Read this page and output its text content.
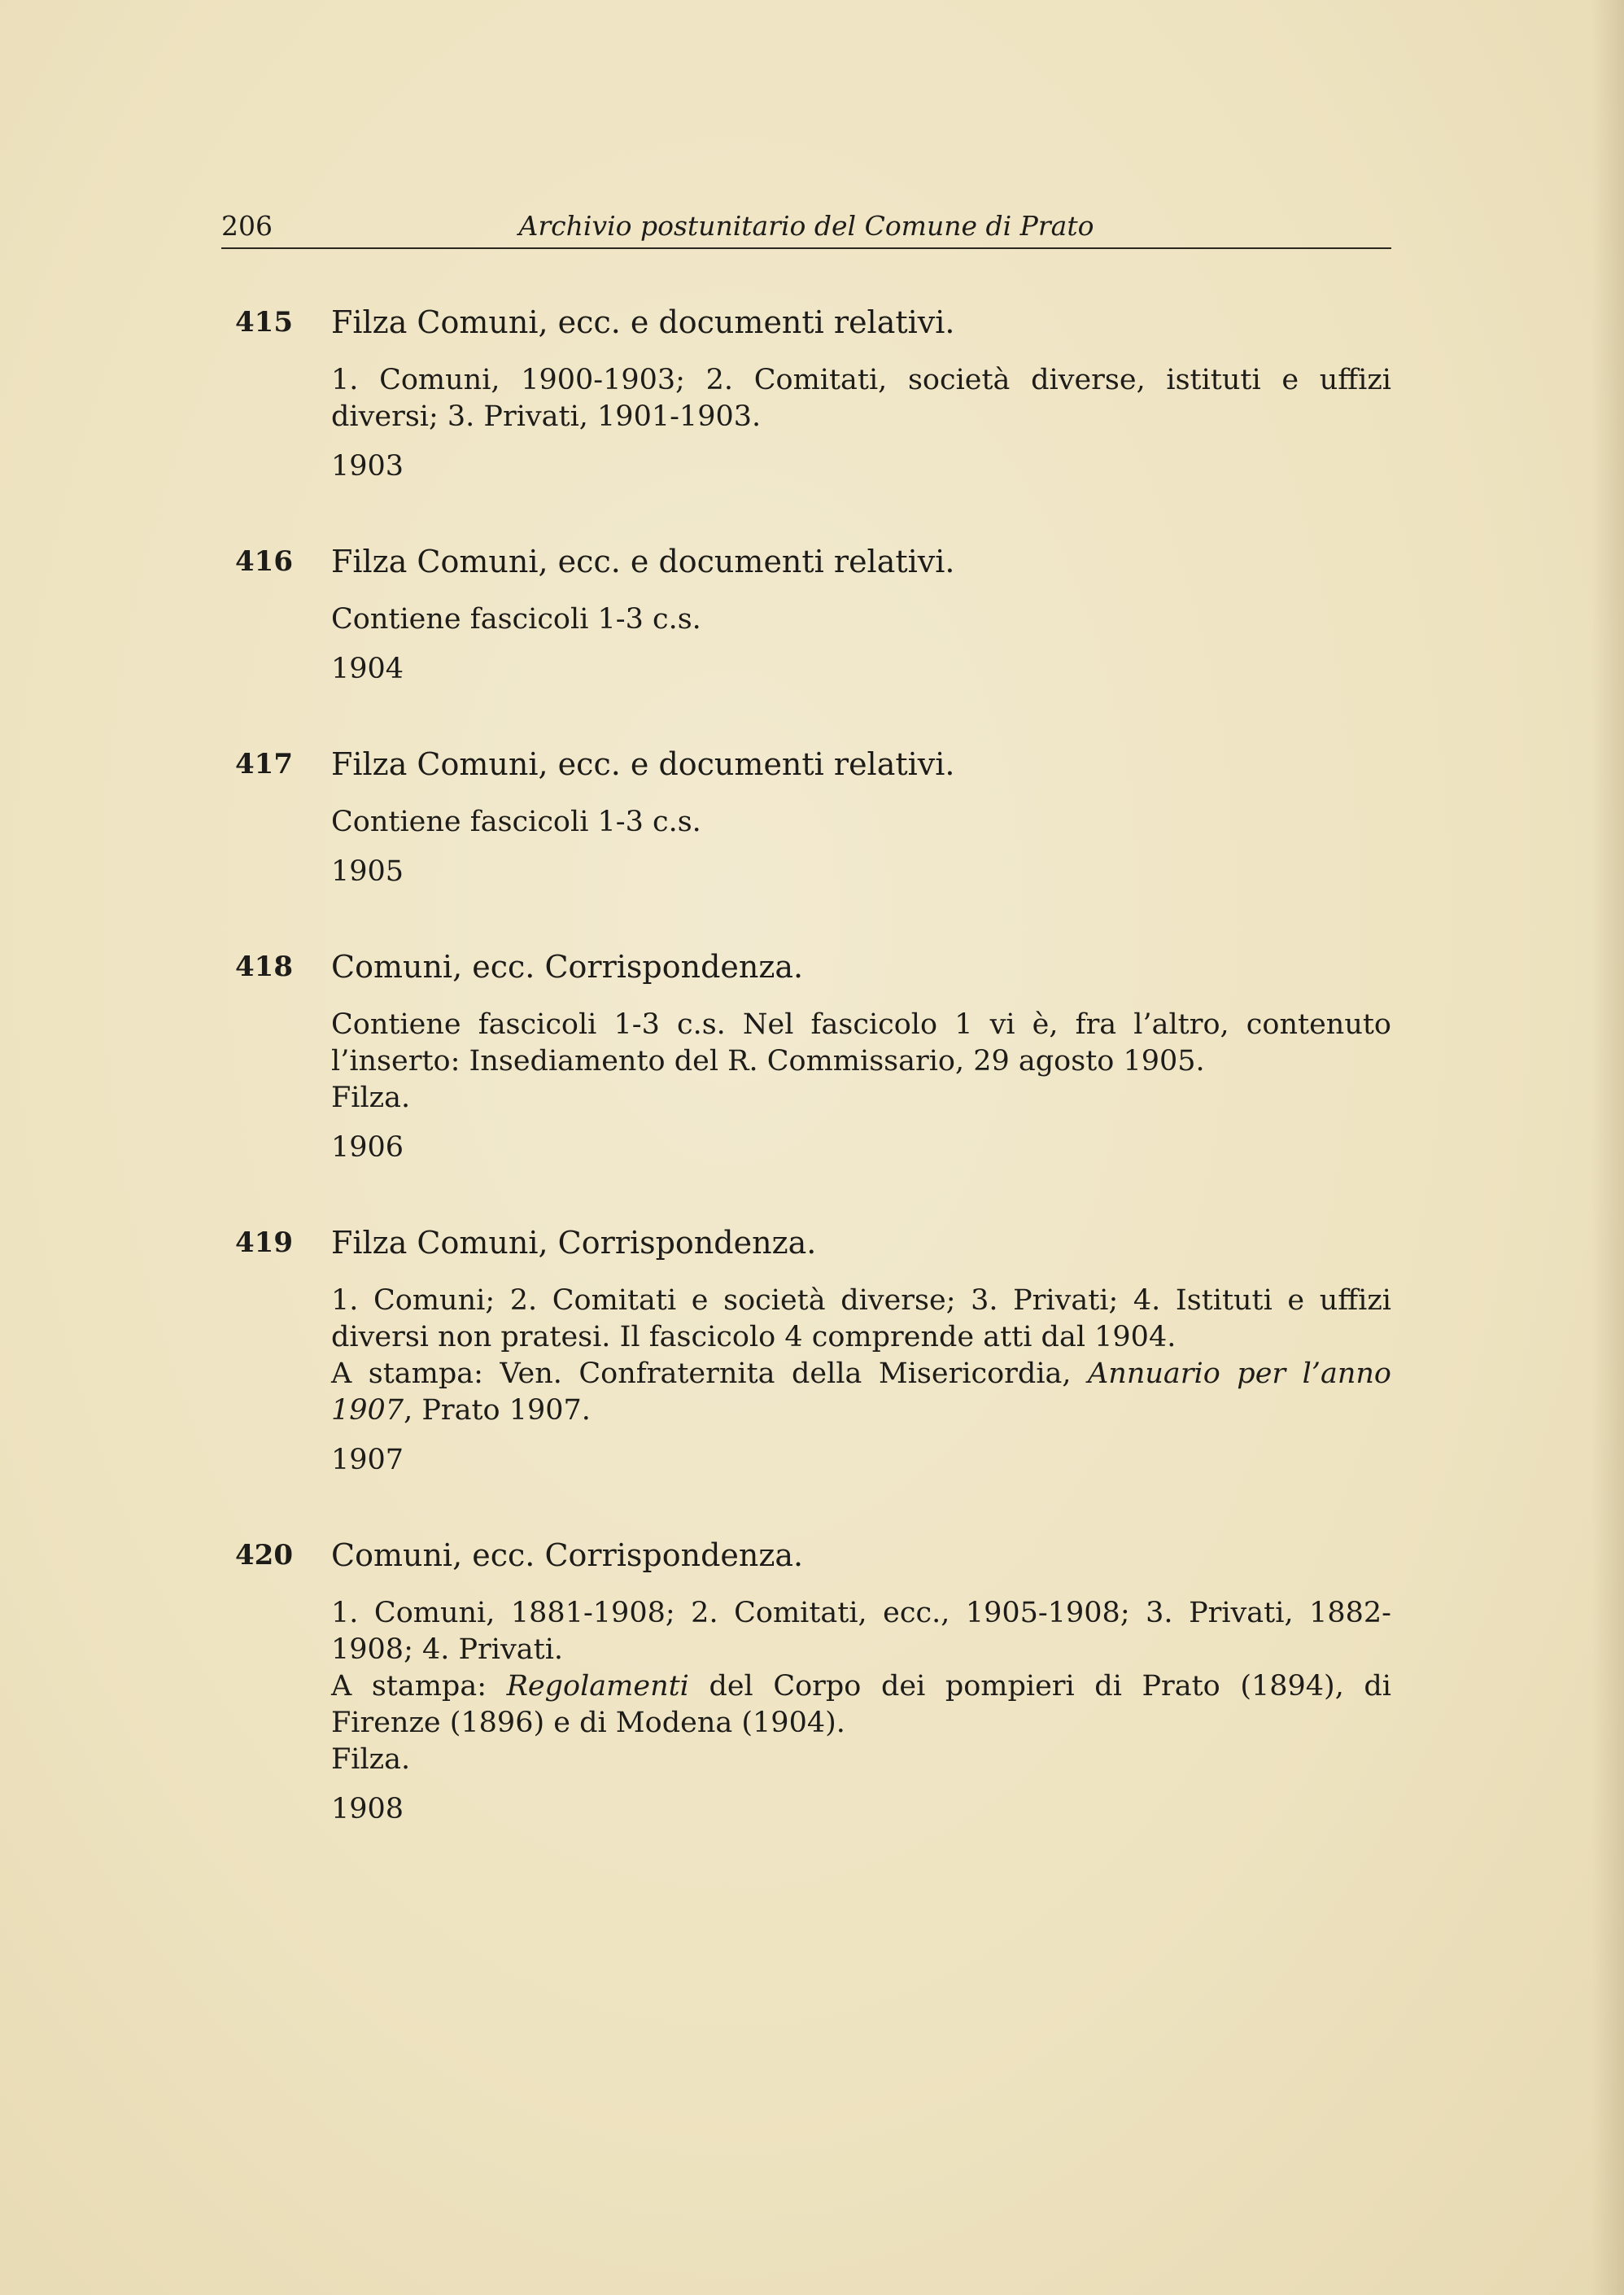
206	Archivio postunitario del Comune di Prato
415 Filza Comuni, ecc. e documenti relativi.

1. Comuni, 1900-1903; 2. Comitati, società diverse, istituti e uffizi diversi; 3. Privati, 1901-1903.

1903
416 Filza Comuni, ecc. e documenti relativi.

Contiene fascicoli 1-3 c.s.

1904
417 Filza Comuni, ecc. e documenti relativi.

Contiene fascicoli 1-3 c.s.

1905
418 Comuni, ecc. Corrispondenza.

Contiene fascicoli 1-3 c.s. Nel fascicolo 1 vi è, fra l’altro, contenuto l’inserto: Insediamento del R. Commissario, 29 agosto 1905.

Filza.

1906
419 Filza Comuni, Corrispondenza.

1. Comuni; 2. Comitati e società diverse; 3. Privati; 4. Istituti e uffizi diversi non pratesi. Il fascicolo 4 comprende atti dal 1904.

A stampa: Ven. Confraternita della Misericordia, Annuario per l’anno 1907, Prato 1907.

1907
420 Comuni, ecc. Corrispondenza.

1. Comuni, 1881-1908; 2. Comitati, ecc., 1905-1908; 3. Privati, 1882-1908; 4. Privati.

A stampa: Regolamenti del Corpo dei pompieri di Prato (1894), di Firenze (1896) e di Modena (1904).

Filza.

1908
